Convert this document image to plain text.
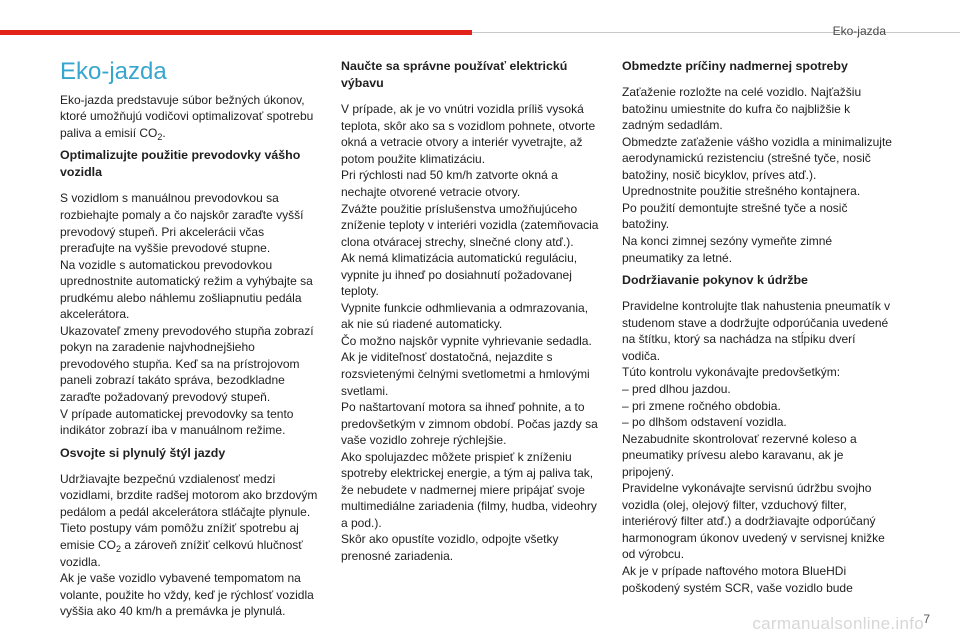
Eko-jazda
Eko-jazda

Eko-jazda predstavuje súbor bežných úkonov, ktoré umožňujú vodičovi optimalizovať spotrebu paliva a emisií $CO_2$.

Optimalizujte použitie prevodovky vášho vozidla

S vozidlom s manuálnou prevodovkou sa rozbiehajte pomaly a čo najskôr zaraďte vyšší prevodový stupeň. Pri akcelerácii včas preraďujte na vyššie prevodové stupne.
Na vozidle s automatickou prevodovkou uprednostnite automatický režim a vyhýbajte sa prudkému alebo náhlemu zošliapnutiu pedála akcelerátora.
Ukazovateľ zmeny prevodového stupňa zobrazí pokyn na zaradenie najvhodnejšieho prevodového stupňa. Keď sa na prístrojovom paneli zobrazí takáto správa, bezodkladne zaraďte požadovaný prevodový stupeň.
V prípade automatickej prevodovky sa tento indikátor zobrazí iba v manuálnom režime.

Osvojte si plynulý štýl jazdy

Udržiavajte bezpečnú vzdialenosť medzi vozidlami, brzdite radšej motorom ako brzdovým pedálom a pedál akcelerátora stláčajte plynule. Tieto postupy vám pomôžu znížiť spotrebu aj emisie $CO_2$ a zároveň znížiť celkovú hlučnosť vozidla.
Ak je vaše vozidlo vybavené tempomatom na volante, použite ho vždy, keď je rýchlosť vozidla vyššia ako 40 km/h a premávka je plynulá.

Naučte sa správne používať elektrickú výbavu

V prípade, ak je vo vnútri vozidla príliš vysoká teplota, skôr ako sa s vozidlom pohnete, otvorte okná a vetracie otvory a interiér vyvetrajte, až potom použite klimatizáciu.
Pri rýchlosti nad 50 km/h zatvorte okná a nechajte otvorené vetracie otvory.
Zvážte použitie príslušenstva umožňujúceho zníženie teploty v interiéri vozidla (zatemňovacia clona otváracej strechy, slnečné clony atď.).
Ak nemá klimatizácia automatickú reguláciu, vypnite ju ihneď po dosiahnutí požadovanej teploty.
Vypnite funkcie odhmlievania a odmrazovania, ak nie sú riadené automaticky.
Čo možno najskôr vypnite vyhrievanie sedadla.
Ak je viditeľnosť dostatočná, nejazdite s rozsvietenými čelnými svetlometmi a hmlovými svetlami.
Po naštartovaní motora sa ihneď pohnite, a to predovšetkým v zimnom období. Počas jazdy sa vaše vozidlo zohreje rýchlejšie.
Ako spolujazdec môžete prispieť k zníženiu spotreby elektrickej energie, a tým aj paliva tak, že nebudete v nadmernej miere pripájať svoje multimediálne zariadenia (filmy, hudba, videohry a pod.).
Skôr ako opustíte vozidlo, odpojte všetky prenosné zariadenia.

Obmedzte príčiny nadmernej spotreby

Zaťaženie rozložte na celé vozidlo. Najťažšiu batožinu umiestnite do kufra čo najbližšie k zadným sedadlám.
Obmedzte zaťaženie vášho vozidla a minimalizujte aerodynamickú rezistenciu (strešné tyče, nosič batožiny, nosič bicyklov, príves atď.). Uprednostnite použitie strešného kontajnera.
Po použití demontujte strešné tyče a nosič batožiny.
Na konci zimnej sezóny vymeňte zimné pneumatiky za letné.

Dodržiavanie pokynov k údržbe

Pravidelne kontrolujte tlak nahustenia pneumatík v studenom stave a dodržujte odporúčania uvedené na štítku, ktorý sa nachádza na stĺpiku dverí vodiča.
Túto kontrolu vykonávajte predovšetkým:
– pred dlhou jazdou.
– pri zmene ročného obdobia.
– po dlhšom odstavení vozidla.
Nezabudnite skontrolovať rezervné koleso a pneumatiky prívesu alebo karavanu, ak je pripojený.
Pravidelne vykonávajte servisnú údržbu svojho vozidla (olej, olejový filter, vzduchový filter, interiérový filter atď.) a dodržiavajte odporúčaný harmonogram úkonov uvedený v servisnej knižke od výrobcu.
Ak je v prípade naftového motora BlueHDi poškodený systém SCR, vaše vozidlo bude

7
carmanualsonline.info
